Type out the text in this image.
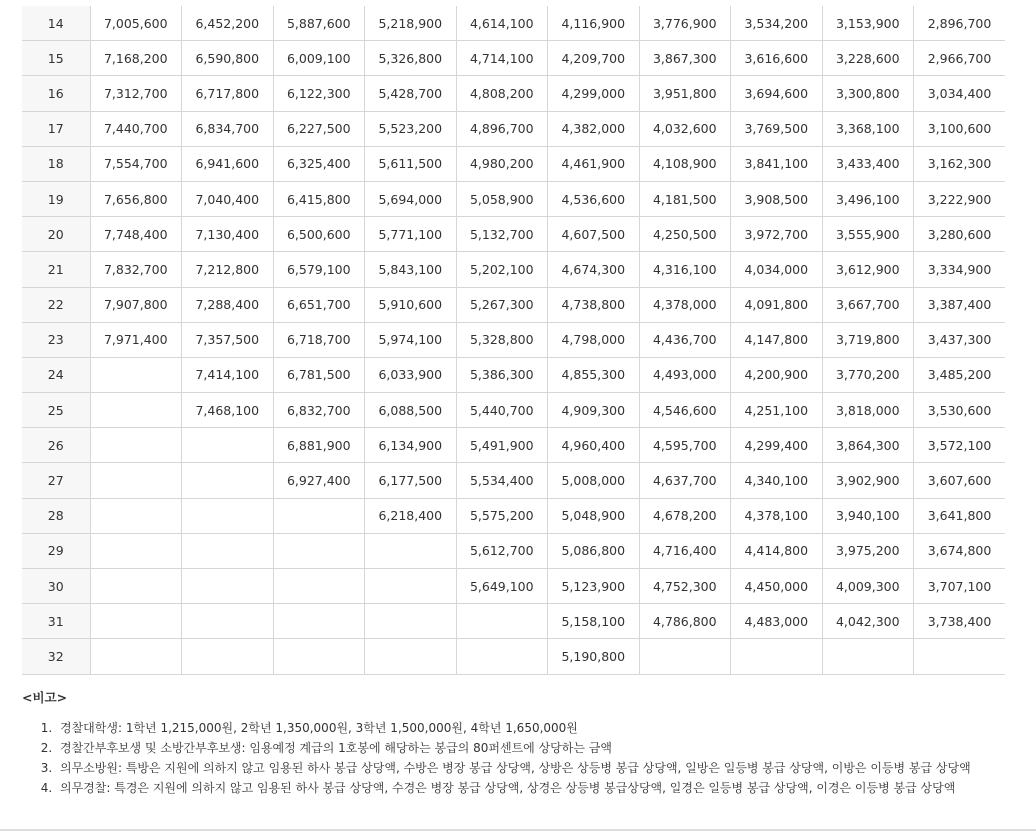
14	7,005,600	6,452,200	5,887,600	5,218,900	4,614,100	4,116,900	3,776,900	3,534,200	3,153,900	2,896,700
15	7,168,200	6,590,800	6,009,100	5,326,800	4,714,100	4,209,700	3,867,300	3,616,600	3,228,600	2,966,700
16	7,312,700	6,717,800	6,122,300	5,428,700	4,808,200	4,299,000	3,951,800	3,694,600	3,300,800	3,034,400
17	7,440,700	6,834,700	6,227,500	5,523,200	4,896,700	4,382,000	4,032,600	3,769,500	3,368,100	3,100,600
18	7,554,700	6,941,600	6,325,400	5,611,500	4,980,200	4,461,900	4,108,900	3,841,100	3,433,400	3,162,300
19	7,656,800	7,040,400	6,415,800	5,694,000	5,058,900	4,536,600	4,181,500	3,908,500	3,496,100	3,222,900
20	7,748,400	7,130,400	6,500,600	5,771,100	5,132,700	4,607,500	4,250,500	3,972,700	3,555,900	3,280,600
21	7,832,700	7,212,800	6,579,100	5,843,100	5,202,100	4,674,300	4,316,100	4,034,000	3,612,900	3,334,900
22	7,907,800	7,288,400	6,651,700	5,910,600	5,267,300	4,738,800	4,378,000	4,091,800	3,667,700	3,387,400
23	7,971,400	7,357,500	6,718,700	5,974,100	5,328,800	4,798,000	4,436,700	4,147,800	3,719,800	3,437,300
24		7,414,100	6,781,500	6,033,900	5,386,300	4,855,300	4,493,000	4,200,900	3,770,200	3,485,200
25		7,468,100	6,832,700	6,088,500	5,440,700	4,909,300	4,546,600	4,251,100	3,818,000	3,530,600
26			6,881,900	6,134,900	5,491,900	4,960,400	4,595,700	4,299,400	3,864,300	3,572,100
27			6,927,400	6,177,500	5,534,400	5,008,000	4,637,700	4,340,100	3,902,900	3,607,600
28				6,218,400	5,575,200	5,048,900	4,678,200	4,378,100	3,940,100	3,641,800
29					5,612,700	5,086,800	4,716,400	4,414,800	3,975,200	3,674,800
30					5,649,100	5,123,900	4,752,300	4,450,000	4,009,300	3,707,100
31						5,158,100	4,786,800	4,483,000	4,042,300	3,738,400
32						5,190,800				
<비고>
1. 경찰대학생: 1학년 1,215,000원, 2학년 1,350,000원, 3학년 1,500,000원, 4학년 1,650,000원
2. 경찰간부후보생 및 소방간부후보생: 임용예정 계급의 1호봉에 해당하는 봉급의 80퍼센트에 상당하는 금액
3. 의무소방원: 특방은 지원에 의하지 않고 임용된 하사 봉급 상당액, 수방은 병장 봉급 상당액, 상방은 상등병 봉급 상당액, 일방은 일등병 봉급 상당액, 이방은 이등병 봉급 상당액
4. 의무경찰: 특경은 지원에 의하지 않고 임용된 하사 봉급 상당액, 수경은 병장 봉급 상당액, 상경은 상등병 봉급상당액, 일경은 일등병 봉급 상당액, 이경은 이등병 봉급 상당액
